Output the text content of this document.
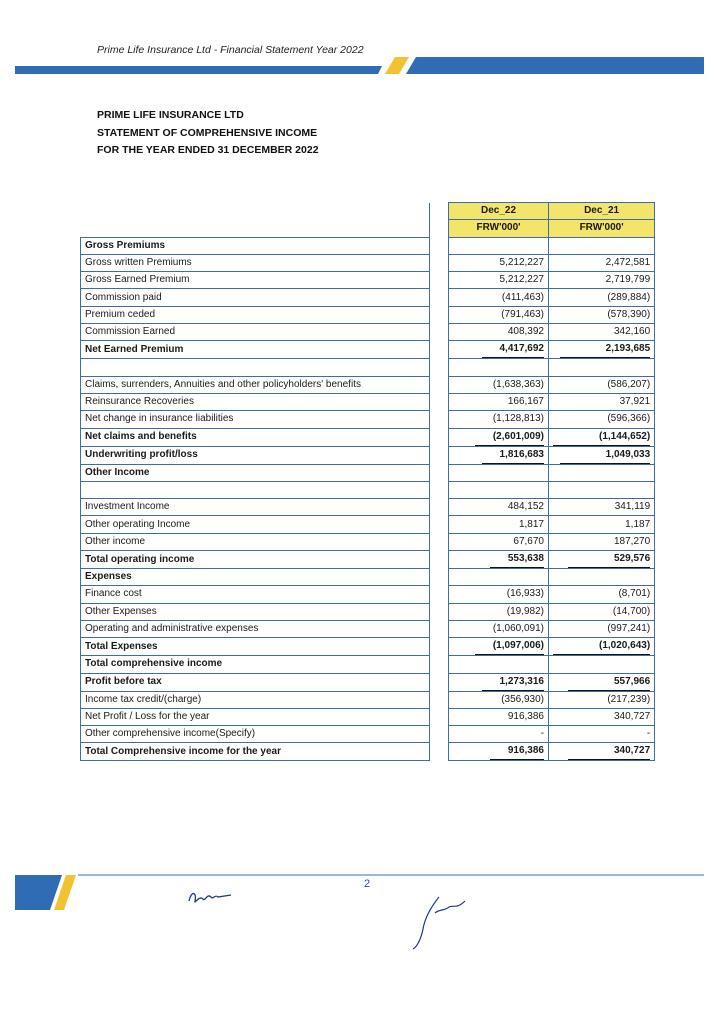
Prime Life Insurance Ltd - Financial Statement Year 2022
PRIME LIFE INSURANCE LTD
STATEMENT OF COMPREHENSIVE INCOME
FOR THE YEAR ENDED 31 DECEMBER 2022
		Dec_22	Dec_21
		FRW'000'	FRW'000'
Gross Premiums			
Gross written Premiums		5,212,227	2,472,581
Gross Earned Premium		5,212,227	2,719,799
Commission paid		(411,463)	(289,884)
Premium ceded		(791,463)	(578,390)
Commission Earned		408,392	342,160
Net Earned Premium		4,417,692	2,193,685

Claims, surrenders, Annuities and other policyholders' benefits		(1,638,363)	(586,207)
Reinsurance Recoveries		166,167	37,921
Net change in insurance liabilities		(1,128,813)	(596,366)
Net claims and benefits		(2,601,009)	(1,144,652)
Underwriting profit/loss		1,816,683	1,049,033
Other Income			

Investment Income		484,152	341,119
Other operating Income		1,817	1,187
Other income		67,670	187,270
Total operating income		553,638	529,576
Expenses			
Finance cost		(16,933)	(8,701)
Other Expenses		(19,982)	(14,700)
Operating and administrative expenses		(1,060,091)	(997,241)
Total Expenses		(1,097,006)	(1,020,643)
Total comprehensive income			
Profit before tax		1,273,316	557,966
Income tax credit/(charge)		(356,930)	(217,239)
Net Profit / Loss for the year		916,386	340,727
Other comprehensive income(Specify)		-	-
Total Comprehensive income for the year		916,386	340,727
2
